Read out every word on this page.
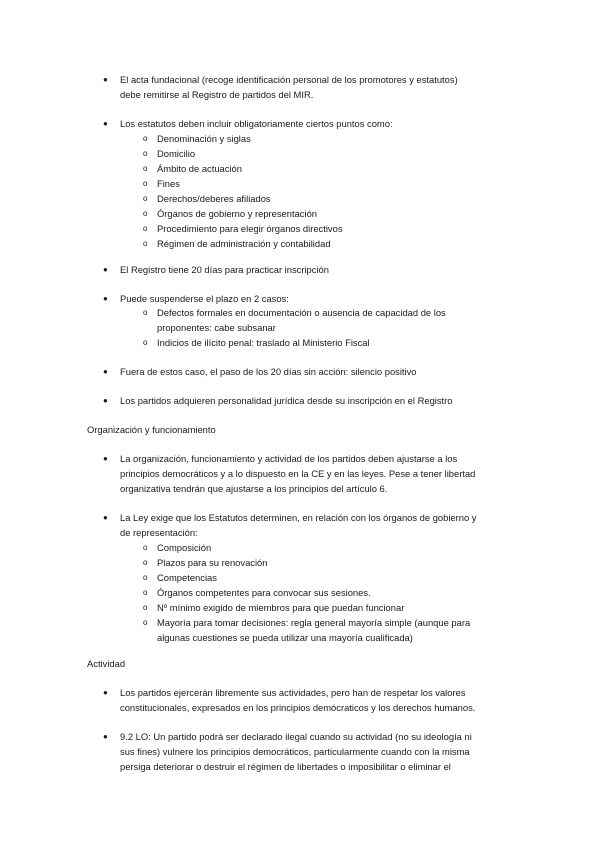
● El acta fundacional (recoge identificación personal de los promotores y estatutos)
debe remitirse al Registro de partidos del MIR.
● Los estatutos deben incluir obligatoriamente ciertos puntos como:
o Denominación y siglas
o Domicilio
o Ámbito de actuación
o Fines
o Derechos/deberes afiliados
o Órganos de gobierno y representación
o Procedimiento para elegir órganos directivos
o Régimen de administración y contabilidad
● El Registro tiene 20 días para practicar inscripción
● Puede suspenderse el plazo en 2 casos:
o Defectos formales en documentación o ausencia de capacidad de los
proponentes: cabe subsanar
o Indicios de ilícito penal: traslado al Ministerio Fiscal
● Fuera de estos caso, el paso de los 20 días sin acción: silencio positivo
● Los partidos adquieren personalidad jurídica desde su inscripción en el Registro
Organización y funcionamiento
● La organización, funcionamiento y actividad de los partidos deben ajustarse a los
principios democráticos y a lo dispuesto en la CE y en las leyes. Pese a tener libertad
organizativa tendrán que ajustarse a los principios del artículo 6.
● La Ley exige que los Estatutos determinen, en relación con los órganos de gobierno y
de representación:
o Composición
o Plazos para su renovación
o Competencias
o Órganos competentes para convocar sus sesiones.
o Nº mínimo exigido de miembros para que puedan funcionar
o Mayoría para tomar decisiones: regla general mayoría simple (aunque para
algunas cuestiones se pueda utilizar una mayoría cualificada)
Actividad
● Los partidos ejercerán libremente sus actividades, pero han de respetar los valores
constitucionales, expresados en los principios demócraticos y los derechos humanos.
● 9.2 LO: Un partido podrá ser declarado ilegal cuando su actividad (no su ideología ni
sus fines) vulnere los principios democráticos, particularmente cuando con la misma
persiga deteriorar o destruir el régimen de libertades o imposibilitar o eliminar el
